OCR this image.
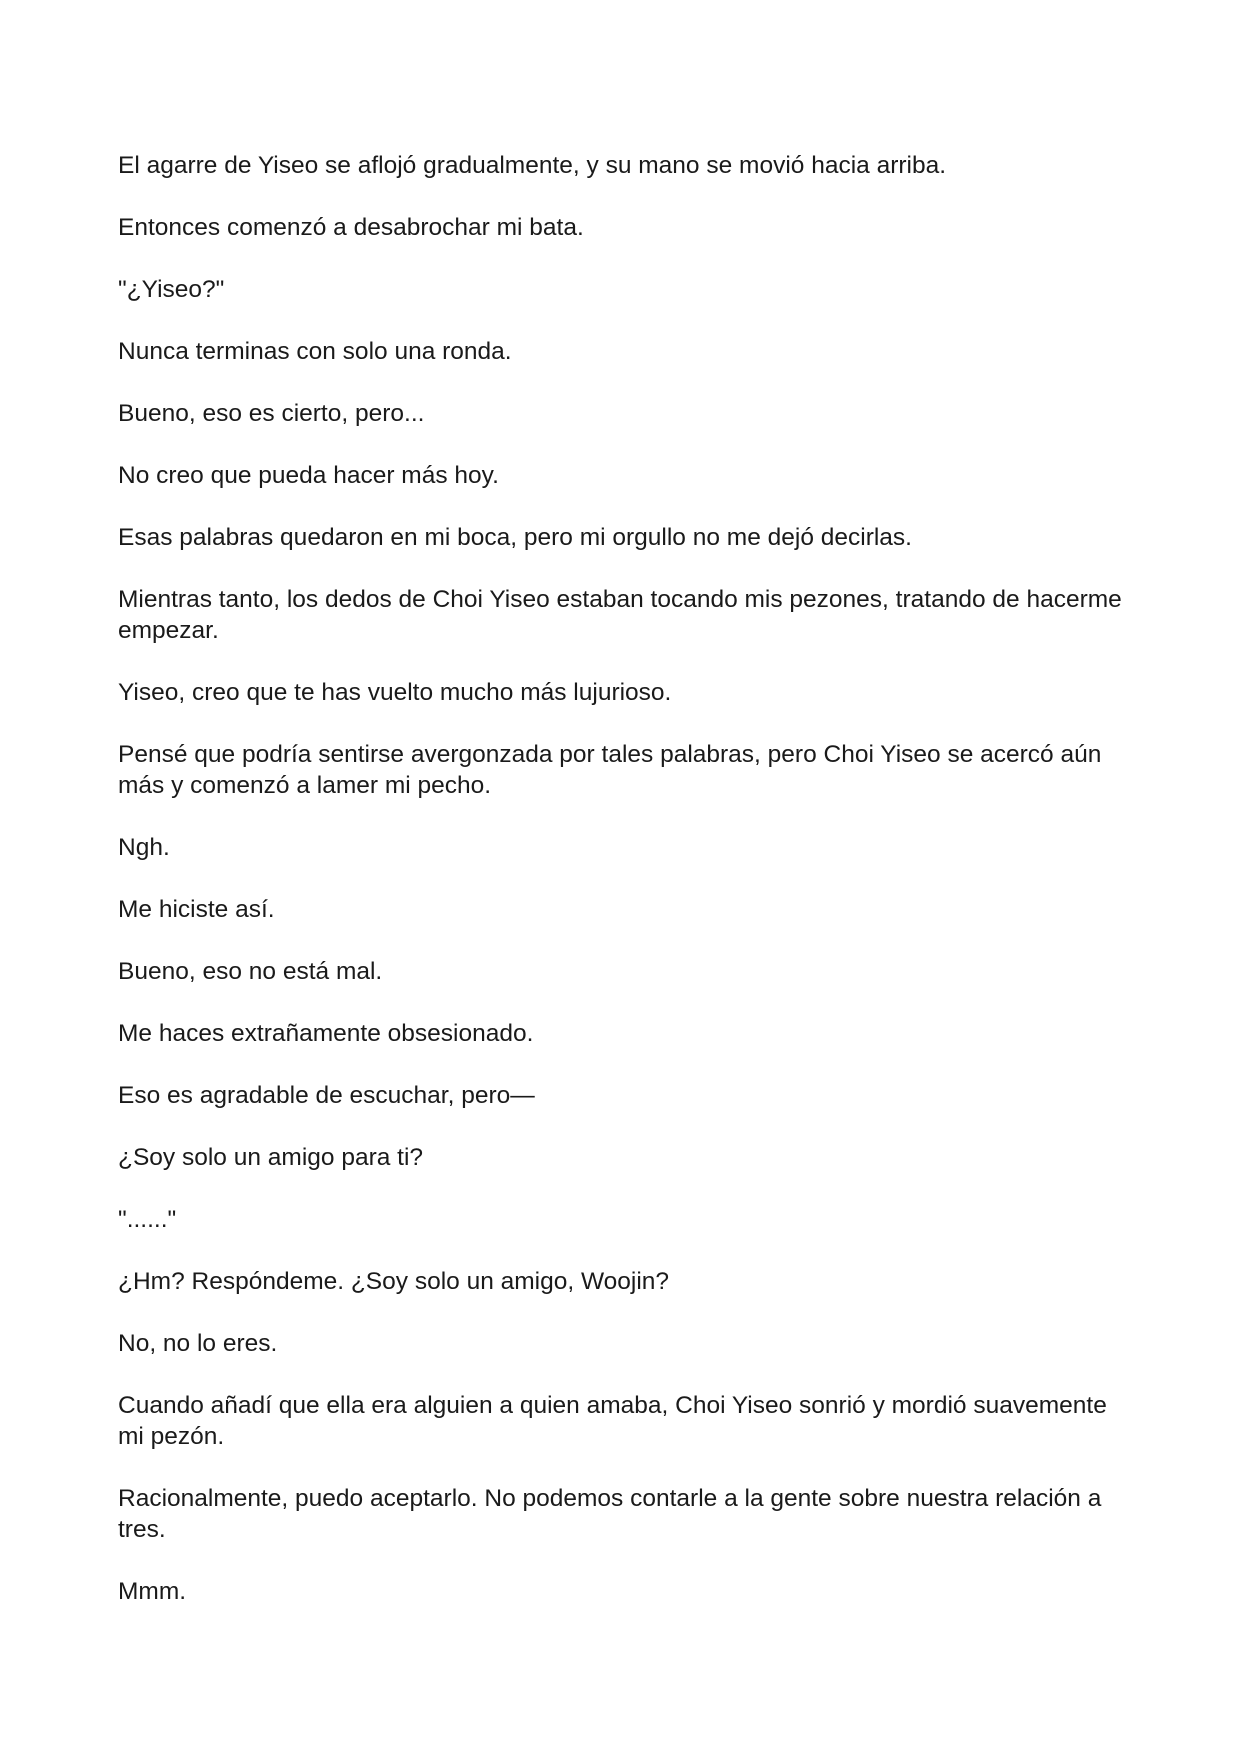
El agarre de Yiseo se aflojó gradualmente, y su mano se movió hacia arriba.

Entonces comenzó a desabrochar mi bata.

"¿Yiseo?"

Nunca terminas con solo una ronda.

Bueno, eso es cierto, pero...

No creo que pueda hacer más hoy.

Esas palabras quedaron en mi boca, pero mi orgullo no me dejó decirlas.

Mientras tanto, los dedos de Choi Yiseo estaban tocando mis pezones, tratando de hacerme empezar.

Yiseo, creo que te has vuelto mucho más lujurioso.

Pensé que podría sentirse avergonzada por tales palabras, pero Choi Yiseo se acercó aún más y comenzó a lamer mi pecho.

Ngh.

Me hiciste así.

Bueno, eso no está mal.

Me haces extrañamente obsesionado.

Eso es agradable de escuchar, pero—

¿Soy solo un amigo para ti?

"......"

¿Hm? Respóndeme. ¿Soy solo un amigo, Woojin?

No, no lo eres.

Cuando añadí que ella era alguien a quien amaba, Choi Yiseo sonrió y mordió suavemente mi pezón.

Racionalmente, puedo aceptarlo. No podemos contarle a la gente sobre nuestra relación a tres.

Mmm.
